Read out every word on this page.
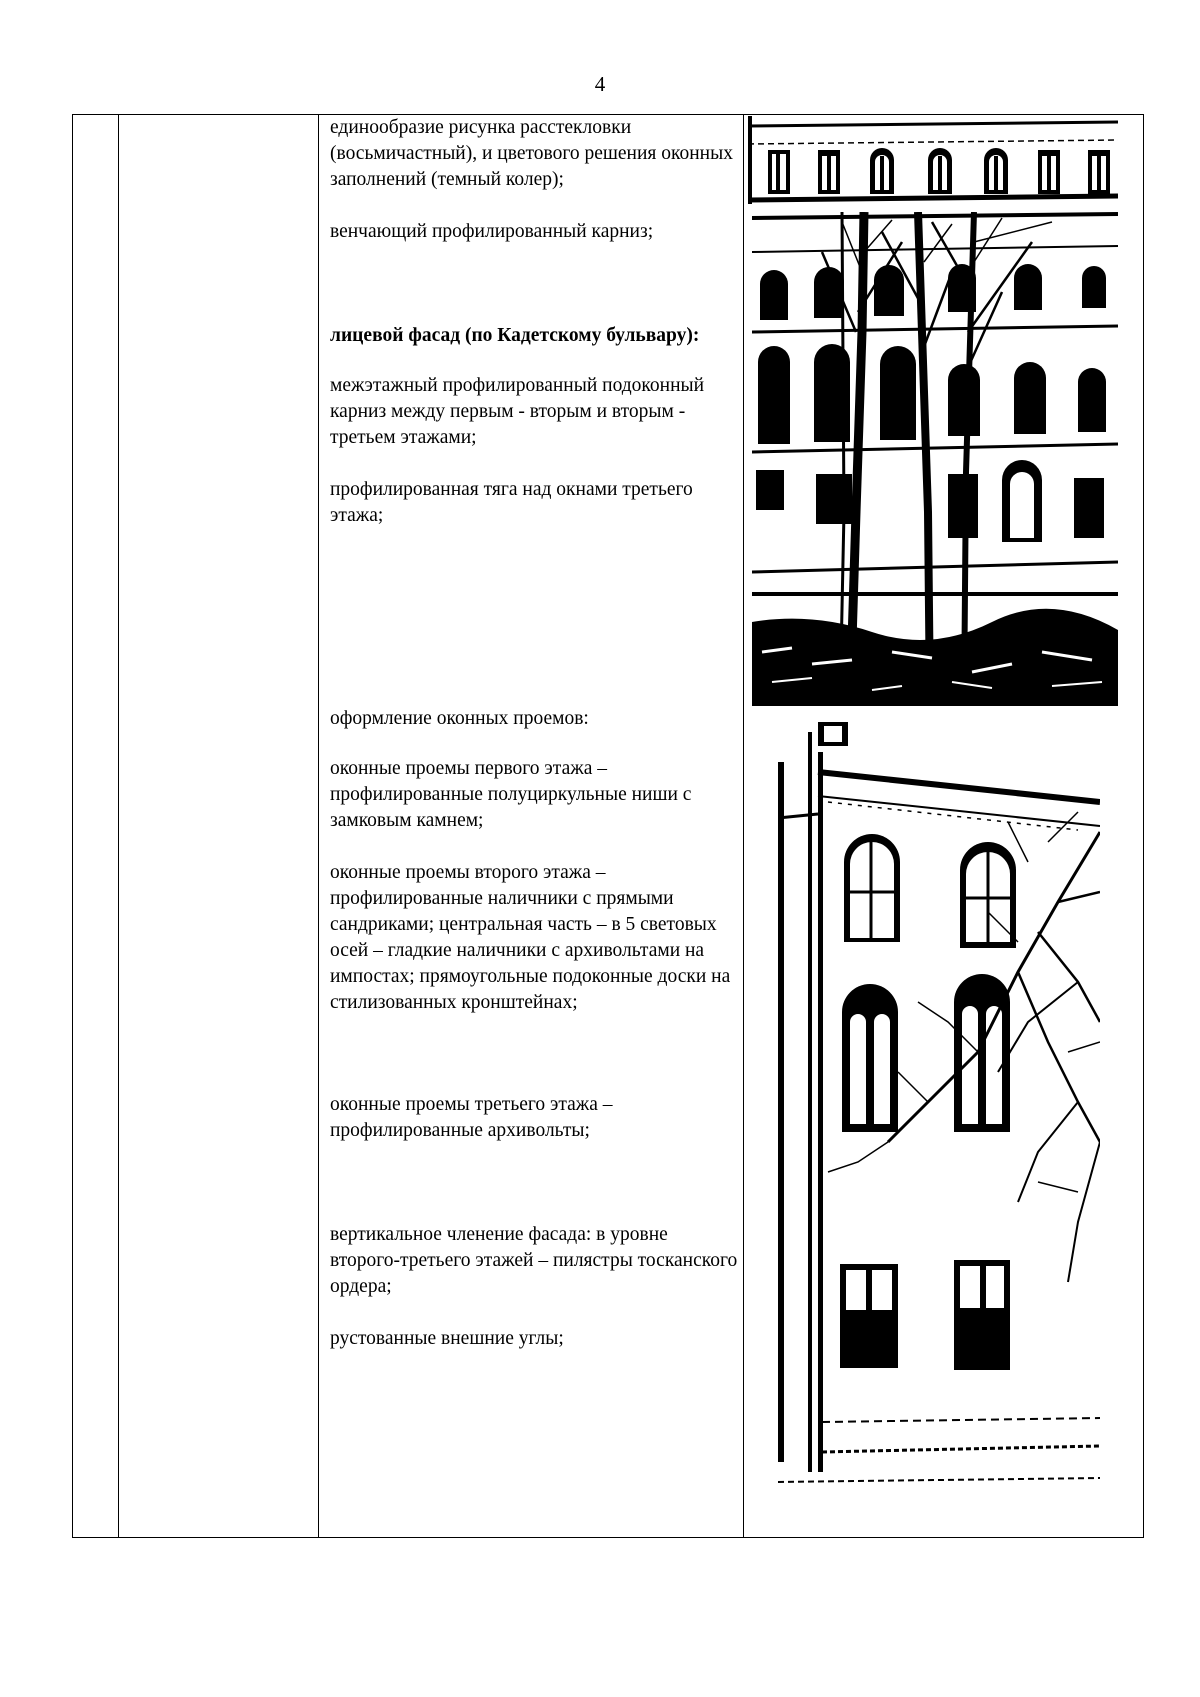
4

единообразие рисунка расстекловки (восьмичастный), и цветового решения оконных заполнений (темный колер);

венчающий профилированный карниз;

лицевой фасад (по Кадетскому бульвару):

межэтажный профилированный подоконный карниз между первым - вторым и вторым - третьем этажами;

профилированная тяга над окнами третьего этажа;

оформление оконных проемов:

оконные проемы первого этажа – профилированные полуциркульные ниши с замковым камнем;

оконные проемы второго этажа – профилированные наличники с прямыми сандриками; центральная часть – в 5 световых осей – гладкие наличники с архивольтами на импостах; прямоугольные подоконные доски на стилизованных кронштейнах;

оконные проемы третьего этажа – профилированные архивольты;

вертикальное членение фасада: в уровне второго-третьего этажей – пилястры тосканского ордера;

рустованные внешние углы;
